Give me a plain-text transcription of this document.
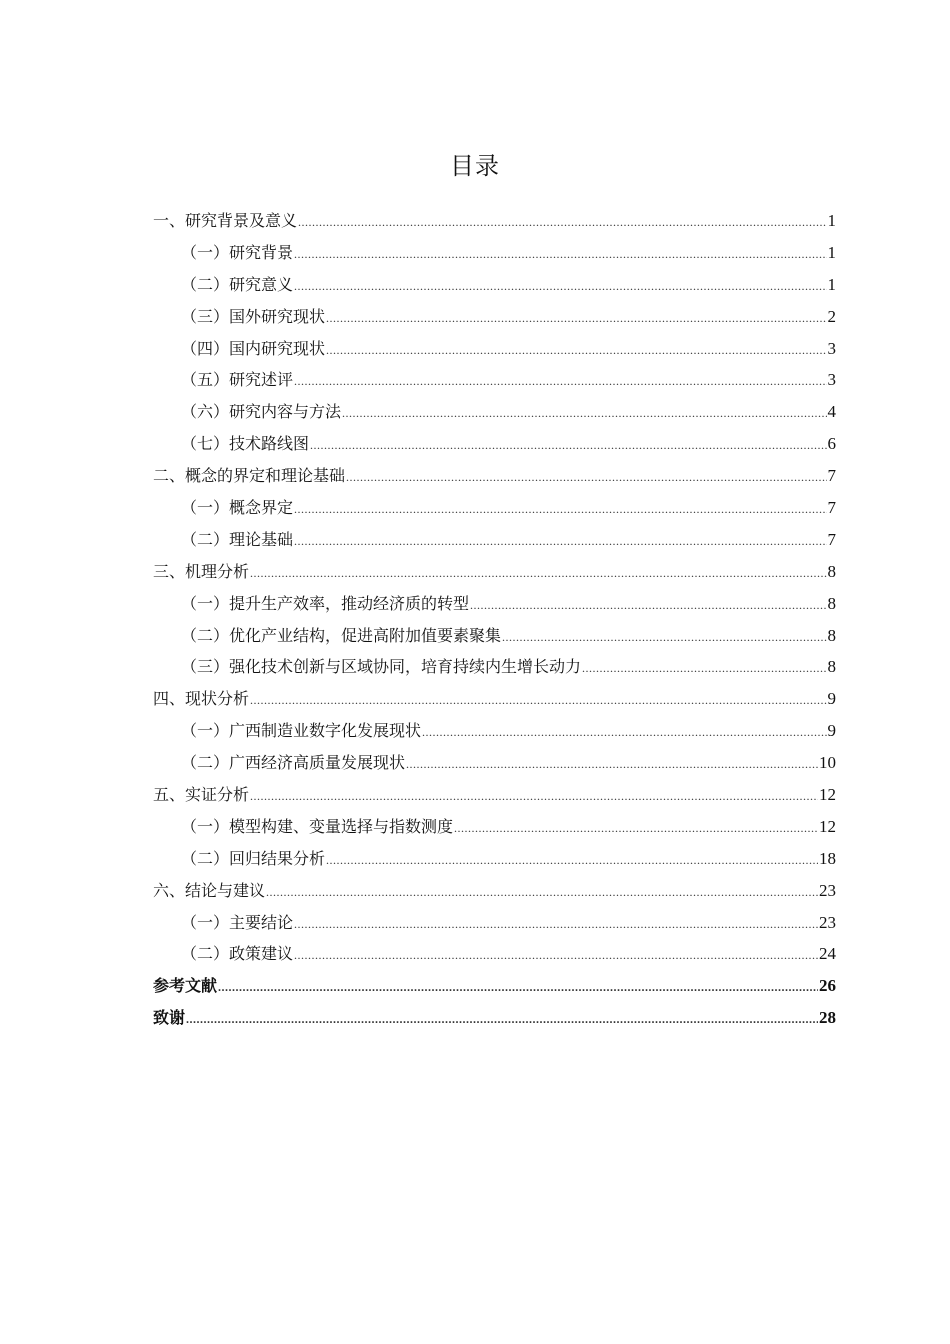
目录
一、研究背景及意义 .....	1
（一）研究背景 .....	1
（二）研究意义 .....	1
（三）国外研究现状 .....	2
（四）国内研究现状 .....	3
（五）研究述评 .....	3
（六）研究内容与方法 .....	4
（七）技术路线图 .....	6
二、概念的界定和理论基础 .....	7
（一）概念界定 .....	7
（二）理论基础 .....	7
三、机理分析 .....	8
（一）提升生产效率，推动经济质的转型 .....	8
（二）优化产业结构，促进高附加值要素聚集 .....	8
（三）强化技术创新与区域协同，培育持续内生增长动力 .....	8
四、现状分析 .....	9
（一）广西制造业数字化发展现状 .....	9
（二）广西经济高质量发展现状 .....	10
五、实证分析 .....	12
（一）模型构建、变量选择与指数测度 .....	12
（二）回归结果分析 .....	18
六、结论与建议 .....	23
（一）主要结论 .....	23
（二）政策建议 .....	24
参考文献 .....	26
致谢 .....	28
